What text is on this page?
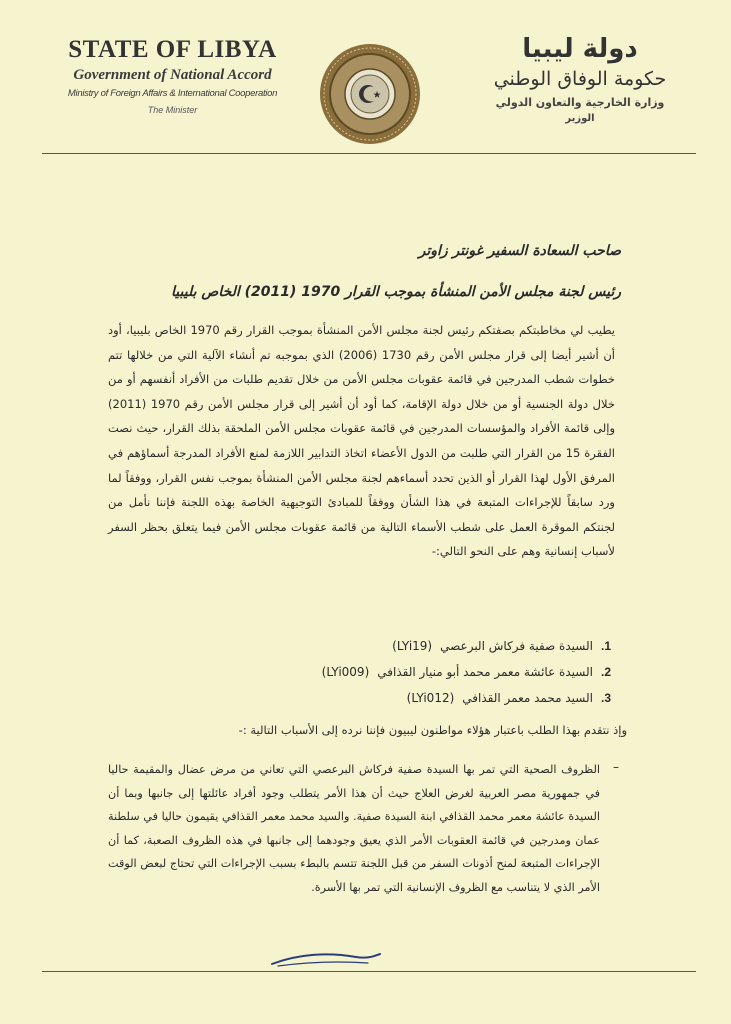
STATE OF LIBYA
Government of National Accord
Ministry of Foreign Affairs & International Cooperation
The Minister
دولة ليبيا
حكومة الوفاق الوطني
وزارة الخارجية والتعاون الدولي
الوزير
صاحب السعادة السفير غونتر زاوتر
رئيس لجنة مجلس الأمن المنشأة بموجب القرار 1970 (2011) الخاص بليبيا
يطيب لي مخاطبتكم بصفتكم رئيس لجنة مجلس الأمن المنشأة بموجب القرار رقم 1970 الخاص بليبيا، أود أن أشير أيضا إلى قرار مجلس الأمن رقم 1730 (2006) الذي بموجبه تم أنشاء الآلية التي من خلالها تتم خطوات شطب المدرجين في قائمة عقوبات مجلس الأمن من خلال تقديم طلبات من الأفراد أنفسهم أو من خلال دولة الجنسية أو من خلال دولة الإقامة، كما أود أن أشير إلى قرار مجلس الأمن رقم 1970 (2011) وإلى قائمة الأفراد والمؤسسات المدرجين في قائمة عقوبات مجلس الأمن الملحقة بذلك القرار، حيث نصت الفقرة 15 من القرار التي طلبت من الدول الأعضاء اتخاذ التدابير اللازمة لمنع الأفراد المدرجة أسماؤهم في المرفق الأول لهذا القرار أو الذين تحدد أسماءهم لجنة مجلس الأمن المنشأة بموجب نفس القرار، ووفقاً لما ورد سابقاً للإجراءات المتبعة في هذا الشأن ووفقاً للمبادئ التوجيهية الخاصة بهذه اللجنة فإننا نأمل من لجنتكم الموقرة العمل على شطب الأسماء التالية من قائمة عقوبات مجلس الأمن فيما يتعلق بحظر السفر لأسباب إنسانية وهم على النحو التالي:-
1.
السيدة صفية فركاش البرعصي
(LYi19)
2.
السيدة عائشة معمر محمد أبو منيار القذافي
(LYi009)
3.
السيد محمد معمر القذافي
(LYi012)
وإذ نتقدم بهذا الطلب باعتبار هؤلاء مواطنون ليبيون فإننا نرده إلى الأسباب التالية :-
–
الظروف الصحية التي تمر بها السيدة صفية فركاش البرعصي التي تعاني من مرض عضال والمقيمة حاليا في جمهورية مصر العربية لغرض العلاج حيث أن هذا الأمر يتطلب وجود أفراد عائلتها إلى جانبها وبما أن السيدة عائشة معمر محمد القذافي ابنة السيدة صفية. والسيد محمد معمر القذافي يقيمون حاليا في سلطنة عمان ومدرجين في قائمة العقوبات الأمر الذي يعيق وجودهما إلى جانبها في هذه الظروف الصعبة، كما أن الإجراءات المتبعة لمنح أذونات السفر من قبل اللجنة تتسم بالبطء بسبب الإجراءات التي تحتاج لبعض الوقت الأمر الذي لا يتناسب مع الظروف الإنسانية التي تمر بها الأسرة.
